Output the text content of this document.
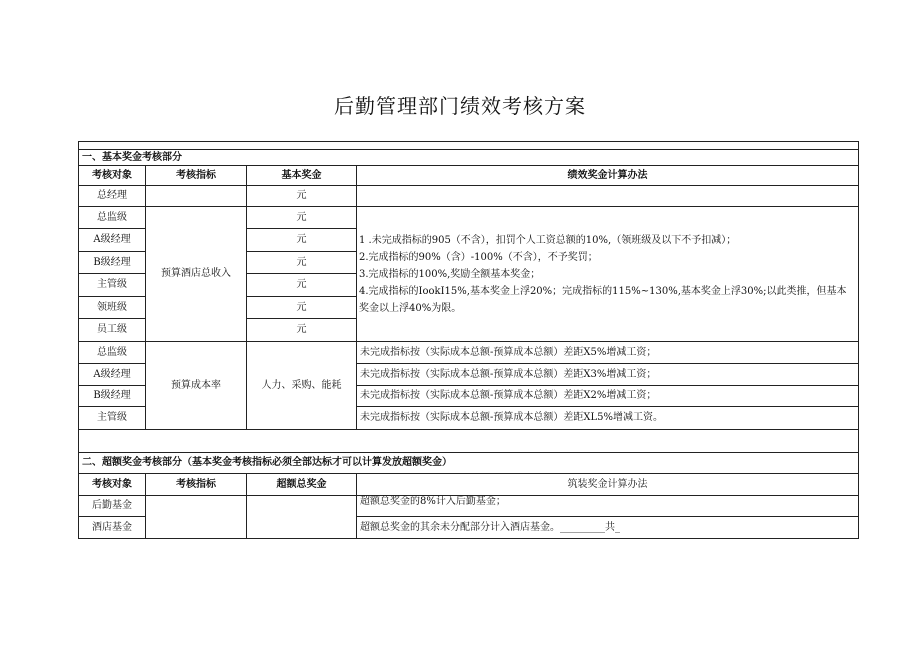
后勤管理部门绩效考核方案

一、基本奖金考核部分			
考核对象	考核指标	基本奖金	绩效奖金计算办法
总经理		元	
总监级	预算酒店总收入	元	1 .未完成指标的905（不含），扣罚个人工资总额的10%,（领班级及以下不予扣减）；
2.完成指标的90%（含）-100%（不含），不予奖罚；
3.完成指标的100%,奖励全额基本奖金；
4.完成指标的IookI15%,基本奖金上浮20%；完成指标的115%~130%,基本奖金上浮30%;以此类推，但基本奖金以上浮40%为限。

A级经理		元	
B级经理		元	
主管级		元	
领班级		元	
员工级		元	
总监级	预算成本率	人力、采购、能耗	未完成指标按（实际成本总额-预算成本总额）差距X5%增减工资；
A级经理			未完成指标按（实际成本总额-预算成本总额）差距X3%增减工资；
B级经理			未完成指标按（实际成本总额-预算成本总额）差距X2%增减工资；
主管级			未完成指标按（实际成本总额-预算成本总额）差距XL5%增减工资。

二、超额奖金考核部分（基本奖金考核指标必须全部达标才可以计算发放超额奖金）			
考核对象	考核指标	超额总奖金	筑装奖金计算办法
后勤基金			超额总奖金的8%计入后勤基金；
酒店基金			超额总奖金的其余未分配部分计入酒店基金。_________共_
